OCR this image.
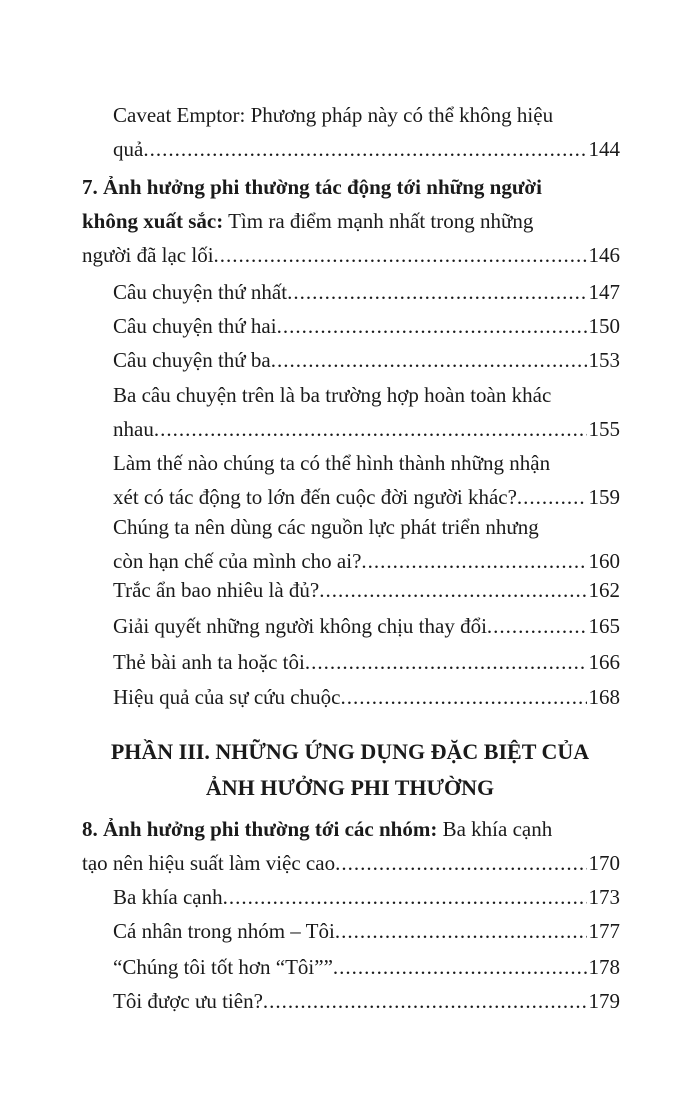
Caveat Emptor: Phương pháp này có thể không hiệu
quả .....	144
7. Ảnh hưởng phi thường tác động tới những người
không xuất sắc: Tìm ra điểm mạnh nhất trong những
người đã lạc lối .....	146
Câu chuyện thứ nhất .....	147
Câu chuyện thứ hai .....	150
Câu chuyện thứ ba .....	153
Ba câu chuyện trên là ba trường hợp hoàn toàn khác
nhau .....	155
Làm thế nào chúng ta có thể hình thành những nhận
xét có tác động to lớn đến cuộc đời người khác? .....	159
Chúng ta nên dùng các nguồn lực phát triển nhưng
còn hạn chế của mình cho ai? .....	160
Trắc ẩn bao nhiêu là đủ? .....	162
Giải quyết những người không chịu thay đổi .....	165
Thẻ bài anh ta hoặc tôi .....	166
Hiệu quả của sự cứu chuộc .....	168
PHẦN III. NHỮNG ỨNG DỤNG ĐẶC BIỆT CỦA
ẢNH HƯỞNG PHI THƯỜNG
8. Ảnh hưởng phi thường tới các nhóm: Ba khía cạnh
tạo nên hiệu suất làm việc cao .....	170
Ba khía cạnh .....	173
Cá nhân trong nhóm – Tôi .....	177
“Chúng tôi tốt hơn “Tôi”” .....	178
Tôi được ưu tiên? .....	179
